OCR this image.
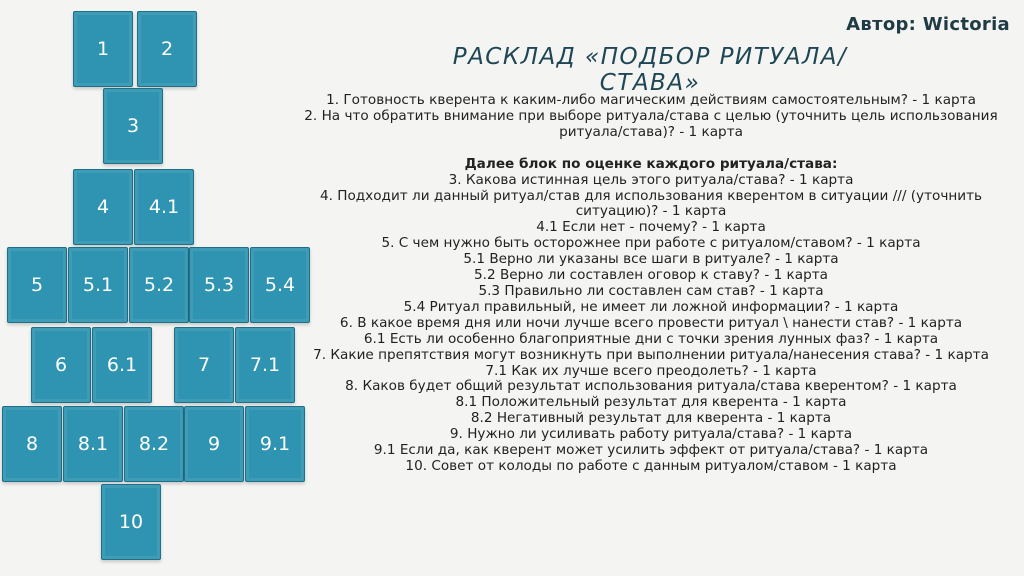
Автор: Wictoria
РАСКЛАД «ПОДБОР РИТУАЛА/СТАВА»
1. Готовность кверента к каким-либо магическим действиям самостоятельным? - 1 карта
2. На что обратить внимание при выборе ритуала/става с целью (уточнить цель использования ритуала/става)? - 1 карта
Далее блок по оценке каждого ритуала/става:
3. Какова истинная цель этого ритуала/става? - 1 карта
4. Подходит ли данный ритуал/став для использования кверентом в ситуации /// (уточнить ситуацию)? - 1 карта
4.1 Если нет - почему? - 1 карта
5. С чем нужно быть осторожнее при работе с ритуалом/ставом? - 1 карта
5.1 Верно ли указаны все шаги в ритуале? - 1 карта
5.2 Верно ли составлен оговор к ставу? - 1 карта
5.3 Правильно ли составлен сам став? - 1 карта
5.4 Ритуал правильный, не имеет ли ложной информации? - 1 карта
6. В какое время дня или ночи лучше всего провести ритуал \ нанести став? - 1 карта
6.1 Есть ли особенно благоприятные дни с точки зрения лунных фаз? - 1 карта
7. Какие препятствия могут возникнуть при выполнении ритуала/нанесения става? - 1 карта
7.1 Как их лучше всего преодолеть? - 1 карта
8. Каков будет общий результат использования ритуала/става кверентом? - 1 карта
8.1 Положительный результат для кверента - 1 карта
8.2 Негативный результат для кверента - 1 карта
9. Нужно ли усиливать работу ритуала/става? - 1 карта
9.1 Если да, как кверент может усилить эффект от ритуала/става? - 1 карта
10. Совет от колоды по работе с данным ритуалом/ставом - 1 карта
1	2
3
4	4.1
5	5.1	5.2	5.3	5.4
6	6.1	7	7.1
8	8.1	8.2	9	9.1
10
